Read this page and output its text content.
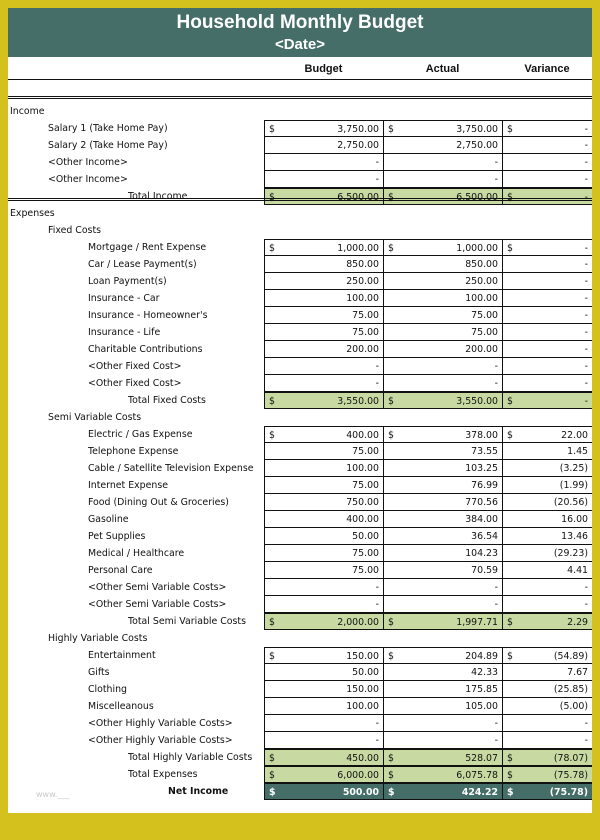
Household Monthly Budget
<Date>
Budget	Actual	Variance
Income
Salary 1 (Take Home Pay)	$	3,750.00 $	3,750.00 $	-
Salary 2 (Take Home Pay)	2,750.00	2,750.00	-
<Other Income>	-	-	-
<Other Income>	-	-	-
Total Income	$	6,500.00 $	6,500.00 $	-
Expenses
Fixed Costs
Mortgage / Rent Expense	$	1,000.00 $	1,000.00 $	-
Car / Lease Payment(s)	850.00	850.00	-
Loan Payment(s)	250.00	250.00	-
Insurance - Car	100.00	100.00	-
Insurance - Homeowner's	75.00	75.00	-
Insurance - Life	75.00	75.00	-
Charitable Contributions	200.00	200.00	-
<Other Fixed Cost>	-	-	-
<Other Fixed Cost>	-	-	-
Total Fixed Costs	$	3,550.00 $	3,550.00 $	-
Semi Variable Costs
Electric / Gas Expense	$	400.00 $	378.00 $	22.00
Telephone Expense	75.00	73.55	1.45
Cable / Satellite Television Expense	100.00	103.25	(3.25)
Internet Expense	75.00	76.99	(1.99)
Food (Dining Out & Groceries)	750.00	770.56	(20.56)
Gasoline	400.00	384.00	16.00
Pet Supplies	50.00	36.54	13.46
Medical / Healthcare	75.00	104.23	(29.23)
Personal Care	75.00	70.59	4.41
<Other Semi Variable Costs>	-	-	-
<Other Semi Variable Costs>	-	-	-
Total Semi Variable Costs $	2,000.00 $	1,997.71 $	2.29
Highly Variable Costs
Entertainment	$	150.00 $	204.89 $	(54.89)
Gifts	50.00	42.33	7.67
Clothing	150.00	175.85	(25.85)
Miscelleanous	100.00	105.00	(5.00)
<Other Highly Variable Costs>	-	-	-
<Other Highly Variable Costs>	-	-	-
Total Highly Variable Costs $	450.00 $	528.07 $	(78.07)
Total Expenses	$	6,000.00 $	6,075.78 $	(75.78)
Net Income	$	500.00 $	424.22 $	(75.78)
www.___
